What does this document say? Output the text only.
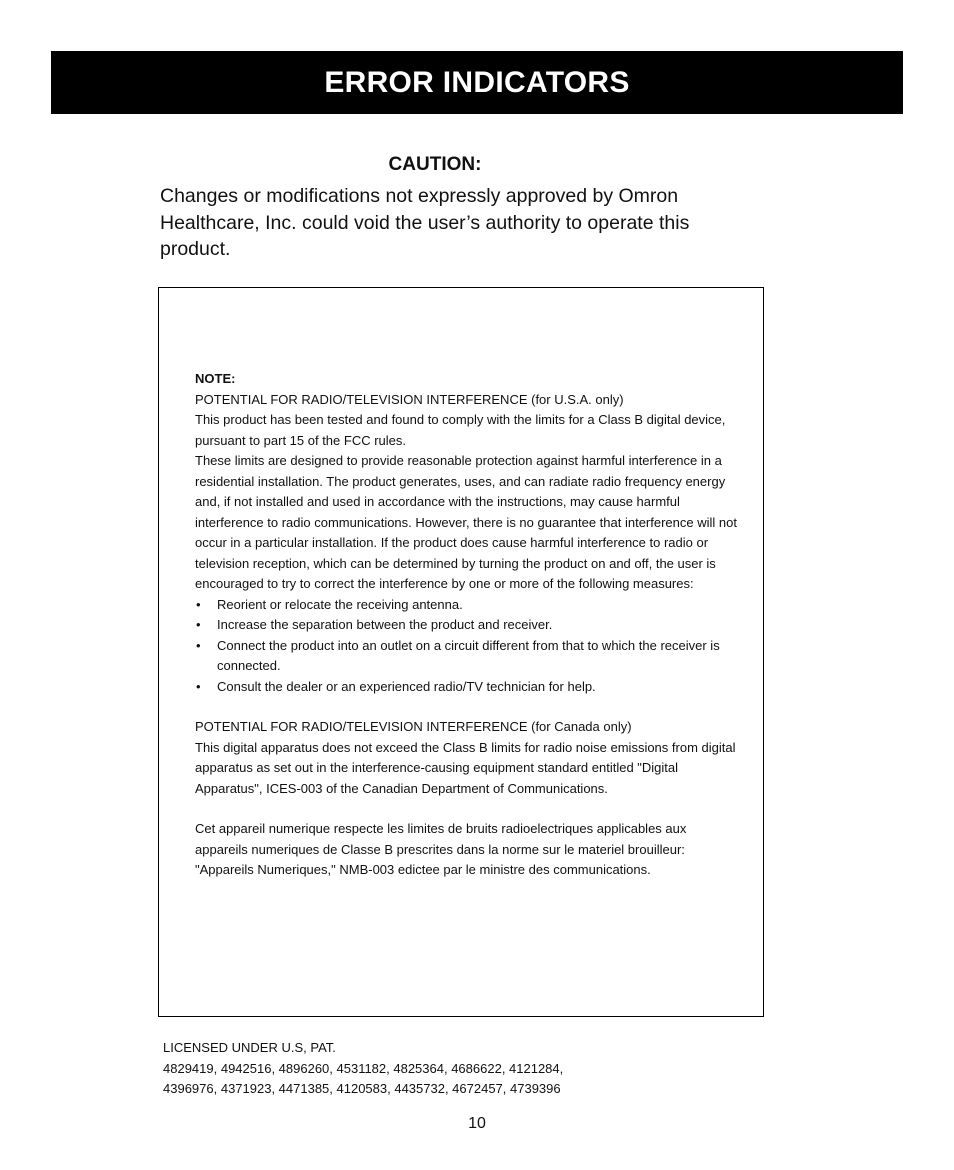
ERROR INDICATORS
CAUTION:

Changes or modifications not expressly approved by Omron Healthcare, Inc. could void the user’s authority to operate this product.

NOTE:
POTENTIAL FOR RADIO/TELEVISION INTERFERENCE (for U.S.A. only)
This product has been tested and found to comply with the limits for a Class B digital device, pursuant to part 15 of the FCC rules.
These limits are designed to provide reasonable protection against harmful interference in a residential installation. The product generates, uses, and can radiate radio frequency energy and, if not installed and used in accordance with the instructions, may cause harmful interference to radio communications. However, there is no guarantee that interference will not occur in a particular installation. If the product does cause harmful interference to radio or television reception, which can be determined by turning the product on and off, the user is encouraged to try to correct the interference by one or more of the following measures:
• Reorient or relocate the receiving antenna.
• Increase the separation between the product and receiver.
• Connect the product into an outlet on a circuit different from that to which the receiver is connected.
• Consult the dealer or an experienced radio/TV technician for help.
POTENTIAL FOR RADIO/TELEVISION INTERFERENCE (for Canada only)
This digital apparatus does not exceed the Class B limits for radio noise emissions from digital apparatus as set out in the interference-causing equipment standard entitled "Digital Apparatus", ICES-003 of the Canadian Department of Communications.
Cet appareil numerique respecte les limites de bruits radioelectriques applicables aux appareils numeriques de Classe B prescrites dans la norme sur le materiel brouilleur: "Appareils Numeriques," NMB-003 edictee par le ministre des communications.
LICENSED UNDER U.S, PAT.
4829419, 4942516, 4896260, 4531182, 4825364, 4686622, 4121284,
4396976, 4371923, 4471385, 4120583, 4435732, 4672457, 4739396
10
